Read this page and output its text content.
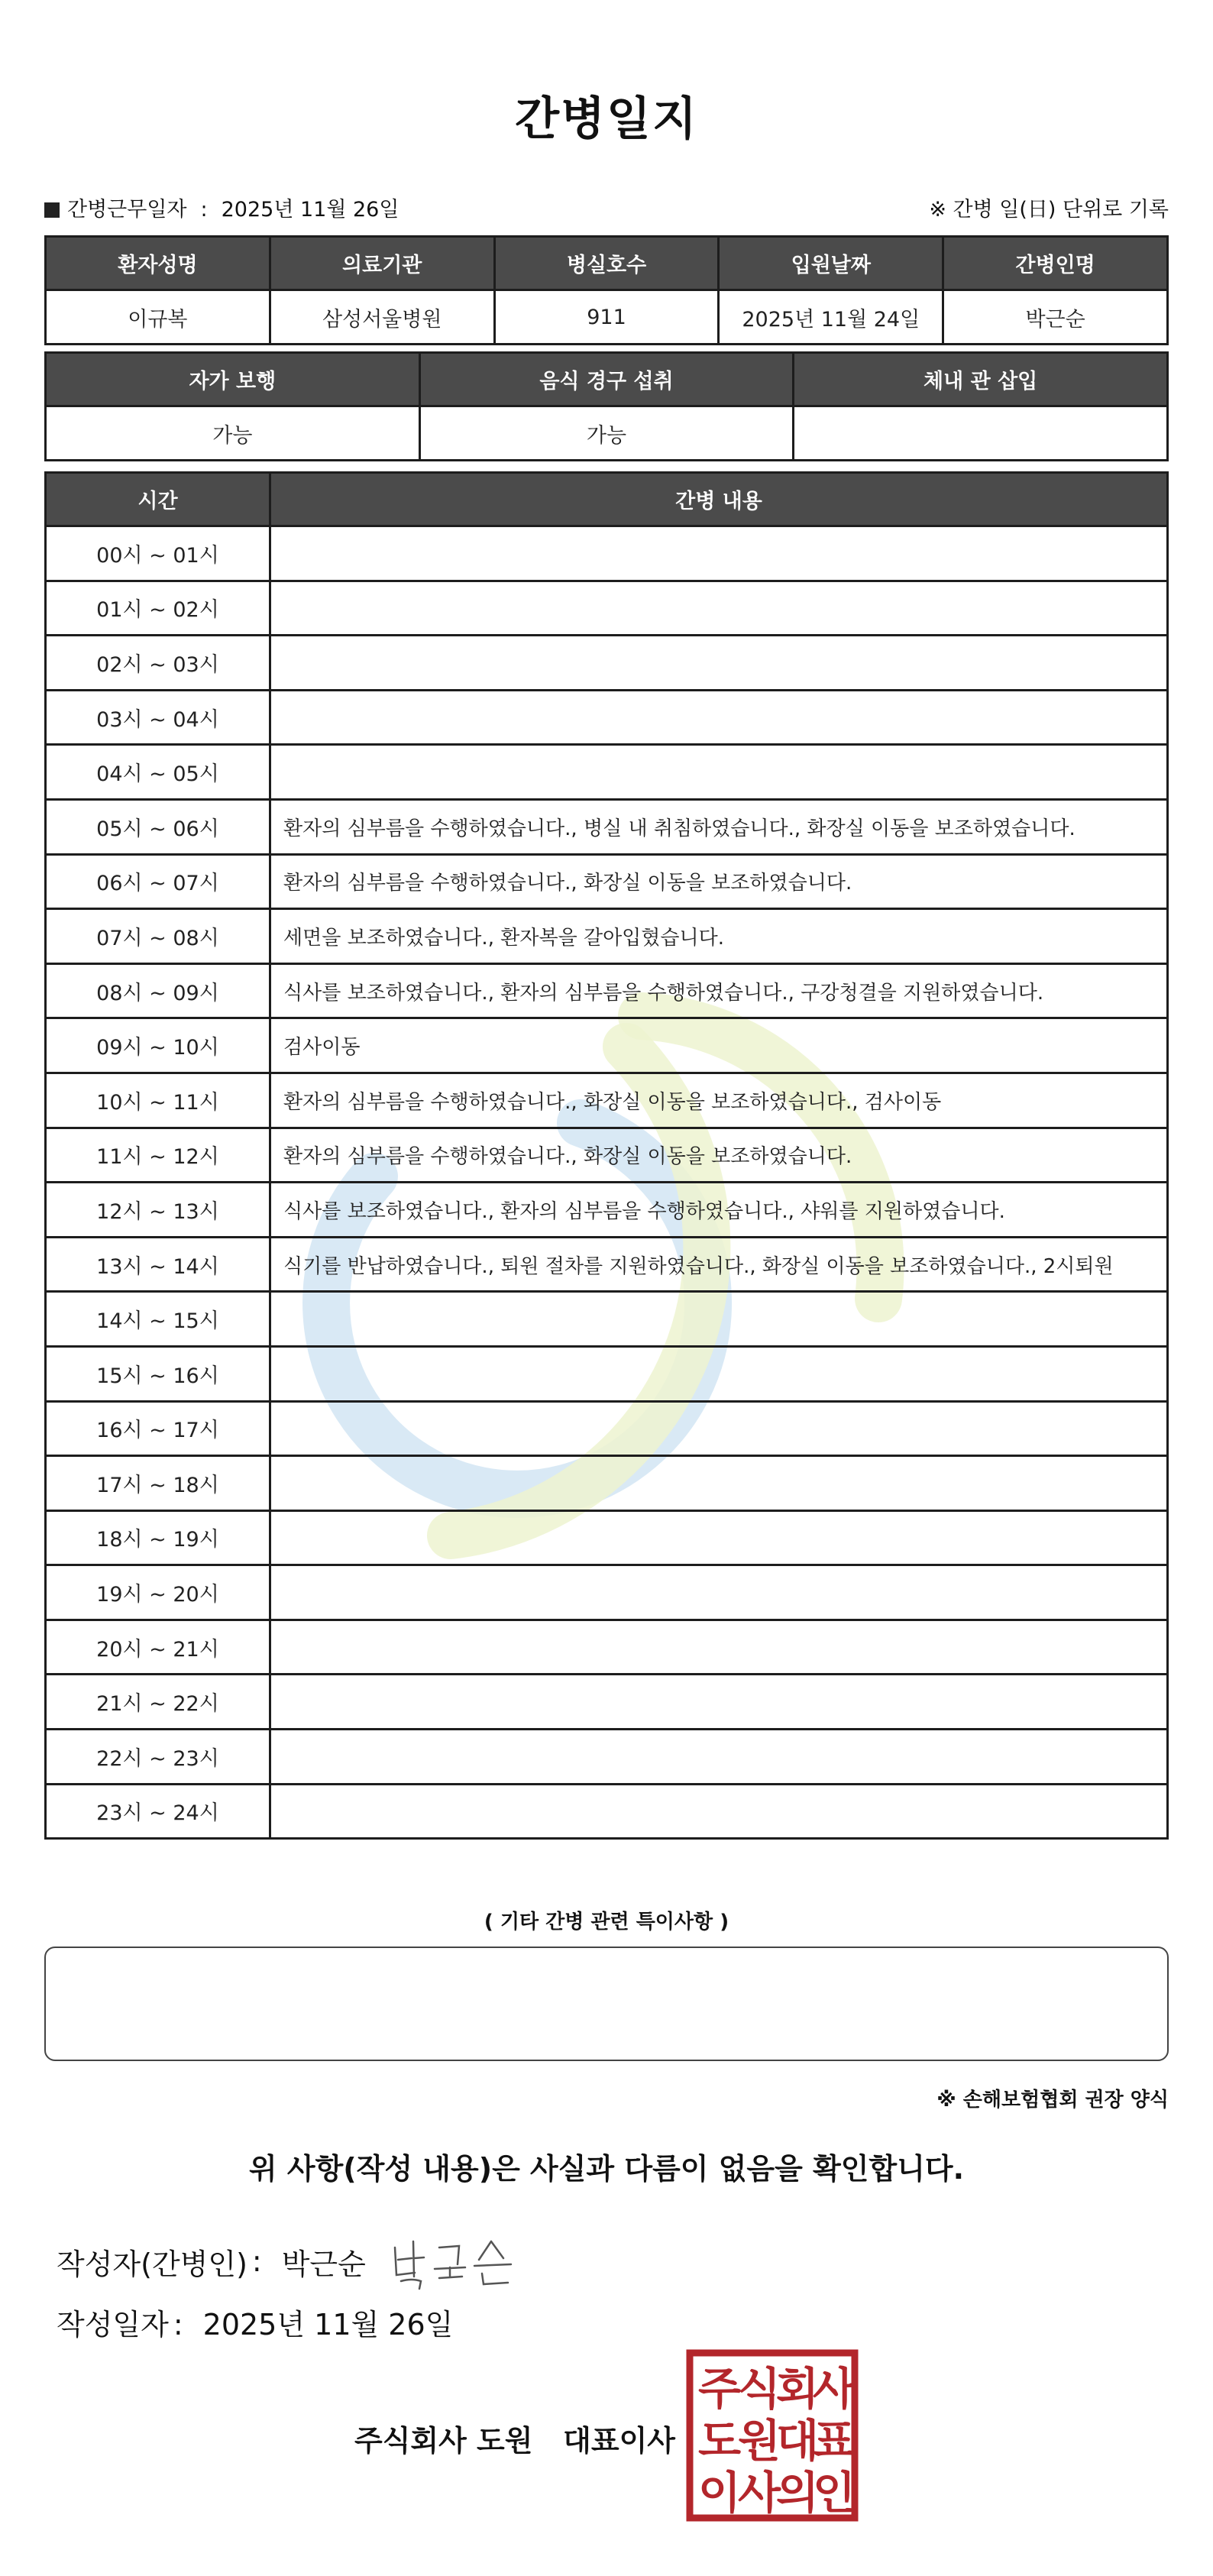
간병일지
간병근무일자 : 2025년 11월 26일	※ 간병 일(日) 단위로 기록
환자성명	의료기관	병실호수	입원날짜	간병인명
이규복	삼성서울병원	911	2025년 11월 24일	박근순
자가 보행	음식 경구 섭취	체내 관 삽입
가능	가능	
시간	간병 내용
00시 ~ 01시	
01시 ~ 02시	
02시 ~ 03시	
03시 ~ 04시	
04시 ~ 05시	
05시 ~ 06시	환자의 심부름을 수행하였습니다., 병실 내 취침하였습니다., 화장실 이동을 보조하였습니다.
06시 ~ 07시	환자의 심부름을 수행하였습니다., 화장실 이동을 보조하였습니다.
07시 ~ 08시	세면을 보조하였습니다., 환자복을 갈아입혔습니다.
08시 ~ 09시	식사를 보조하였습니다., 환자의 심부름을 수행하였습니다., 구강청결을 지원하였습니다.
09시 ~ 10시	검사이동
10시 ~ 11시	환자의 심부름을 수행하였습니다., 화장실 이동을 보조하였습니다., 검사이동
11시 ~ 12시	환자의 심부름을 수행하였습니다., 화장실 이동을 보조하였습니다.
12시 ~ 13시	식사를 보조하였습니다., 환자의 심부름을 수행하였습니다., 샤워를 지원하였습니다.
13시 ~ 14시	식기를 반납하였습니다., 퇴원 절차를 지원하였습니다., 화장실 이동을 보조하였습니다., 2시퇴원
14시 ~ 15시	
15시 ~ 16시	
16시 ~ 17시	
17시 ~ 18시	
18시 ~ 19시	
19시 ~ 20시	
20시 ~ 21시	
21시 ~ 22시	
22시 ~ 23시	
23시 ~ 24시	
( 기타 간병 관련 특이사항 )
※ 손해보험협회 권장 양식
위 사항(작성 내용)은 사실과 다름이 없음을 확인합니다.
작성자(간병인) : 박근순
작성일자 : 2025년 11월 26일
주식회사 도원   대표이사
주
식
회
사
도
원
대
표
이
사
의
인
